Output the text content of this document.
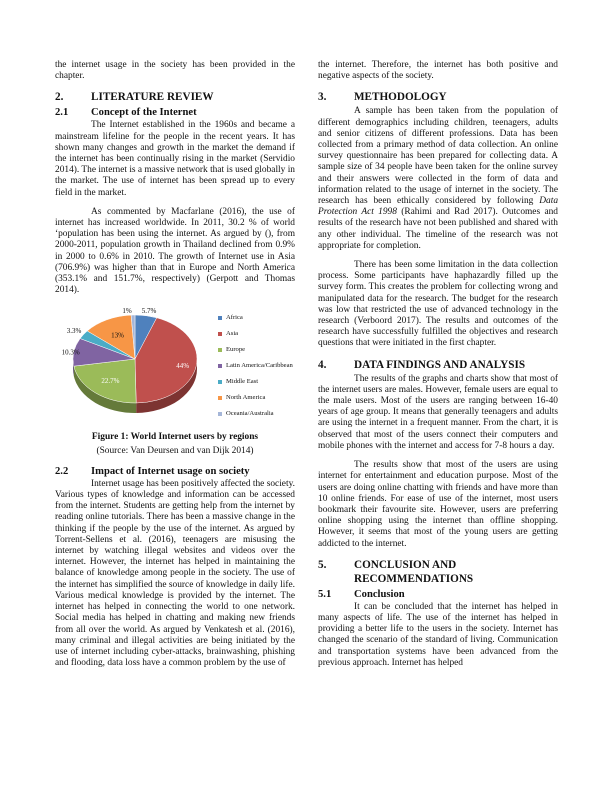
the internet usage in the society has been provided in the chapter.

2.	LITERATURE REVIEW
2.1	Concept of the Internet

The Internet established in the 1960s and became a mainstream lifeline for the people in the recent years. It has shown many changes and growth in the market the demand if the internet has been continually rising in the market (Servidio 2014). The internet is a massive network that is used globally in the market. The use of internet has been spread up to every field in the market.

As commented by Macfarlane (2016), the use of internet has increased worldwide. In 2011, 30.2 % of world ‘population has been using the internet. As argued by (), from 2000-2011, population growth in Thailand declined from 0.9% in 2000 to 0.6% in 2010. The growth of Internet use in Asia (706.9%) was higher than that in Europe and North America (353.1% and 151.7%, respectively) (Gerpott and Thomas 2014).

5.7%
44%
22.7%
10.3%
3.3%
13%
1%
Africa
Asia
Europe
Latin America/Caribbean
Middle East
North America
Oceania/Australia
Figure 1: World Internet users by regions
(Source: Van Deursen and van Dijk 2014)
2.2	Impact of Internet usage on society

Internet usage has been positively affected the society. Various types of knowledge and information can be accessed from the internet. Students are getting help from the internet by reading online tutorials. There has been a massive change in the thinking if the people by the use of the internet. As argued by Torrent-Sellens et al. (2016), teenagers are misusing the internet by watching illegal websites and videos over the internet. However, the internet has helped in maintaining the balance of knowledge among people in the society. The use of the internet has simplified the source of knowledge in daily life. Various medical knowledge is provided by the internet. The internet has helped in connecting the world to one network. Social media has helped in chatting and making new friends from all over the world. As argued by Venkatesh et al. (2016), many criminal and illegal activities are being initiated by the use of internet including cyber-attacks, brainwashing, phishing and flooding, data loss have a common problem by the use of

the internet. Therefore, the internet has both positive and negative aspects of the society.

3.	METHODOLOGY

A sample has been taken from the population of different demographics including children, teenagers, adults and senior citizens of different professions. Data has been collected from a primary method of data collection. An online survey questionnaire has been prepared for collecting data. A sample size of 34 people have been taken for the online survey and their answers were collected in the form of data and information related to the usage of internet in the society. The research has been ethically considered by following Data Protection Act 1998 (Rahimi and Rad 2017). Outcomes and results of the research have not been published and shared with any other individual. The timeline of the research was not appropriate for completion.

There has been some limitation in the data collection process. Some participants have haphazardly filled up the survey form. This creates the problem for collecting wrong and manipulated data for the research. The budget for the research was low that restricted the use of advanced technology in the research (Verboord 2017). The results and outcomes of the research have successfully fulfilled the objectives and research questions that were initiated in the first chapter.

4.	DATA FINDINGS AND ANALYSIS

The results of the graphs and charts show that most of the internet users are males. However, female users are equal to the male users. Most of the users are ranging between 16-40 years of age group. It means that generally teenagers and adults are using the internet in a frequent manner. From the chart, it is observed that most of the users connect their computers and mobile phones with the internet and access for 7-8 hours a day.

The results show that most of the users are using internet for entertainment and education purpose. Most of the users are doing online chatting with friends and have more than 10 online friends. For ease of use of the internet, most users bookmark their favourite site. However, users are preferring online shopping using the internet than offline shopping. However, it seems that most of the young users are getting addicted to the internet.

5.	CONCLUSION AND RECOMMENDATIONS
5.1	Conclusion

It can be concluded that the internet has helped in many aspects of life. The use of the internet has helped in providing a better life to the users in the society. Internet has changed the scenario of the standard of living. Communication and transportation systems have been advanced from the previous approach. Internet has helped
